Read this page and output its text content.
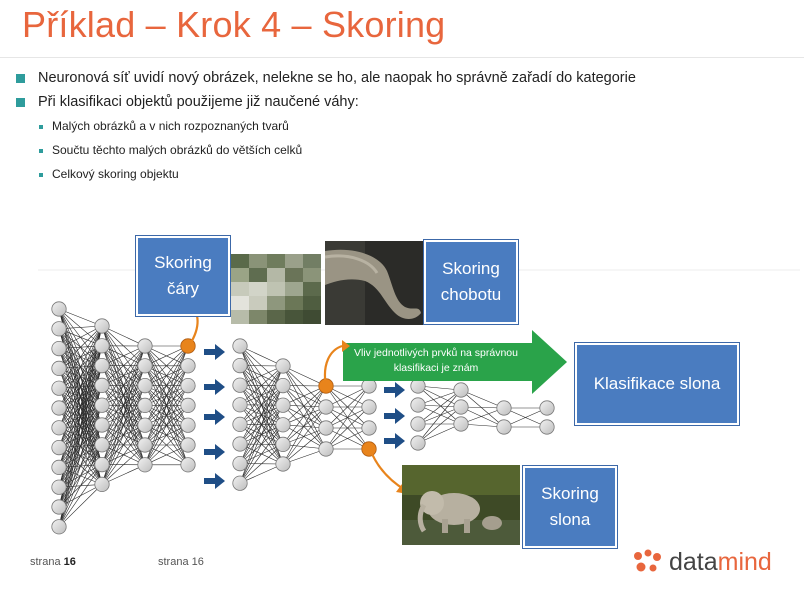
Příklad – Krok 4 – Skoring
Neuronová síť uvidí nový obrázek, nelekne se ho, ale naopak ho správně zařadí do kategorie
Při klasifikaci objektů použijeme již naučené váhy:
Malých obrázků a v nich rozpoznaných tvarů
Součtu těchto malých obrázků do větších celků
Celkový skoring objektu
Skoring čáry
Skoring chobotu
Klasifikace slona
Skoring slona
Vliv jednotlivých prvků na správnou klasifikaci je znám
strana 16	strana 16	datamind
